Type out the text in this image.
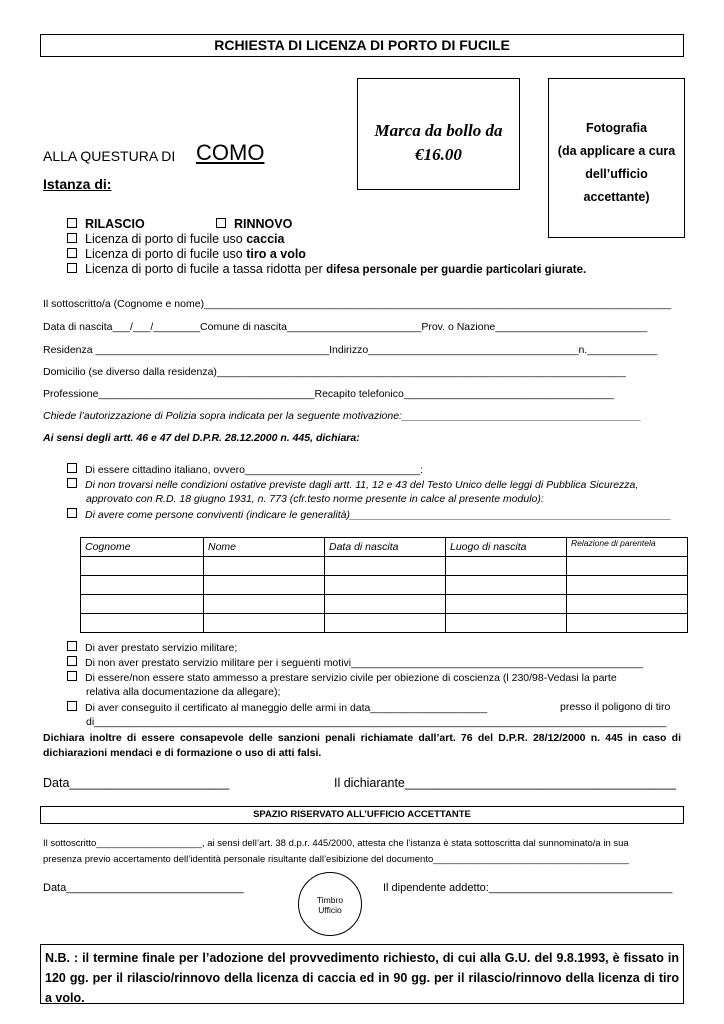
RCHIESTA DI LICENZA DI PORTO DI FUCILE
Marca da bollo da
€16.00
Fotografia
(da applicare a cura
dell’ufficio
accettante)
ALLA QUESTURA DI COMO
Istanza di:
RILASCIO	RINNOVO
Licenza di porto di fucile uso caccia
Licenza di porto di fucile uso tiro a volo
Licenza di porto di fucile a tassa ridotta per difesa personale per guardie particolari giurate.
Il sottoscritto/a (Cognome e nome)________________________________________________________________________________
Data di nascita___/___/________Comune di nascita_______________________Prov. o Nazione__________________________
Residenza ________________________________________Indirizzo____________________________________n.____________
Domicilio (se diverso dalla residenza)______________________________________________________________________
Professione_____________________________________Recapito telefonico____________________________________
Chiede l’autorizzazione di Polizia sopra indicata per la seguente motivazione:_________________________________________
Ai sensi degli artt. 46 e 47 del D.P.R. 28.12.2000 n. 445, dichiara:
Di essere cittadino italiano, ovvero______________________________:
Di non trovarsi nelle condizioni ostative previste dagli artt. 11, 12 e 43 del Testo Unico delle leggi di Pubblica Sicurezza,
approvato con R.D. 18 giugno 1931, n. 773 (cfr.testo norme presente in calce al presente modulo):
Di avere come persone conviventi (indicare le generalità)_______________________________________________________
Cognome	Nome	Data di nascita	Luogo di nascita	Relazione di parentela

Di aver prestato servizio militare;
Di non aver prestato servizio militare per i seguenti motivi__________________________________________________
Di essere/non essere stato ammesso a prestare servizio civile per obiezione di coscienza (l 230/98-Vedasi la parte
relativa alla documentazione da allegare);
Di aver conseguito il certificato al maneggio delle armi in data____________________	presso il poligono di tiro
di__________________________________________________________________________________________________
Dichiara inoltre di essere consapevole delle sanzioni penali richiamate dall’art. 76 del D.P.R. 28/12/2000 n. 445 in caso di dichiarazioni mendaci e di formazione o uso di atti falsi.
Data_______________________	Il dichiarante_______________________________________
SPAZIO RISERVATO ALL’UFFICIO ACCETTANTE
Il sottoscritto____________________, ai sensi dell’art. 38 d.p.r. 445/2000, attesta che l’istanza è stata sottoscritta dal sunnominato/a in sua
presenza previo accertamento dell’identità personale risultante dall’esibizione del documento_____________________________________
Data_____________________________
Timbro
Ufficio
Il dipendente addetto:______________________________
N.B. : il termine finale per l’adozione del provvedimento richiesto, di cui alla G.U. del 9.8.1993, è fissato in 120 gg. per il rilascio/rinnovo della licenza di caccia ed in 90 gg. per il rilascio/rinnovo della licenza di tiro a volo.
